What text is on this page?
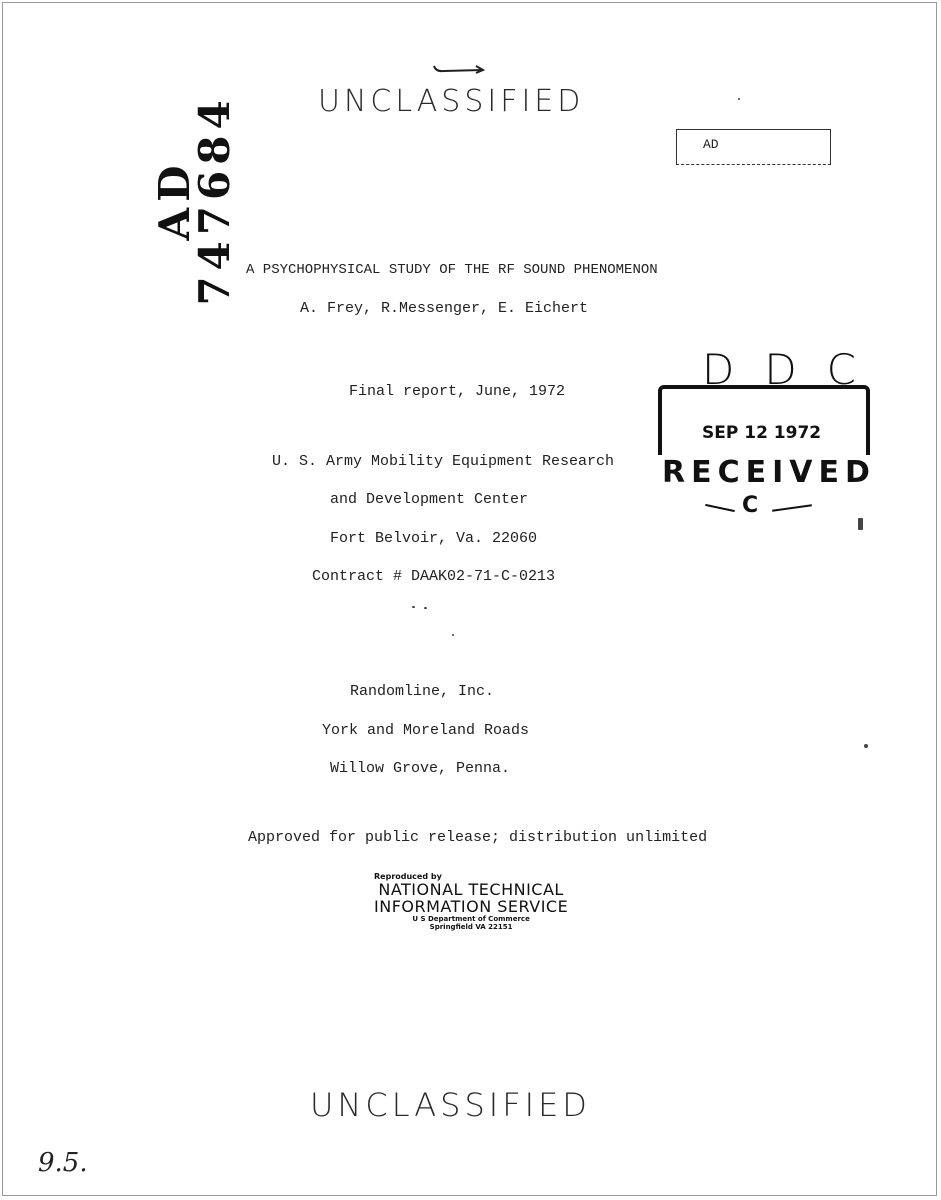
AD 747684	UNCLASSIFIED
AD
A PSYCHOPHYSICAL STUDY OF THE RF SOUND PHENOMENON
A. Frey, R.Messenger, E. Eichert
Final report, June, 1972
U. S. Army Mobility Equipment Research
and Development Center
Fort Belvoir, Va. 22060
Contract # DAAK02-71-C-0213
DDC
SEP 12 1972
RECEIVED
C
Randomline, Inc.
York and Moreland Roads
Willow Grove, Penna.
Approved for public release; distribution unlimited
Reproduced by
NATIONAL TECHNICAL
INFORMATION SERVICE
U S Department of Commerce
Springfield VA 22151
UNCLASSIFIED
9.5.
